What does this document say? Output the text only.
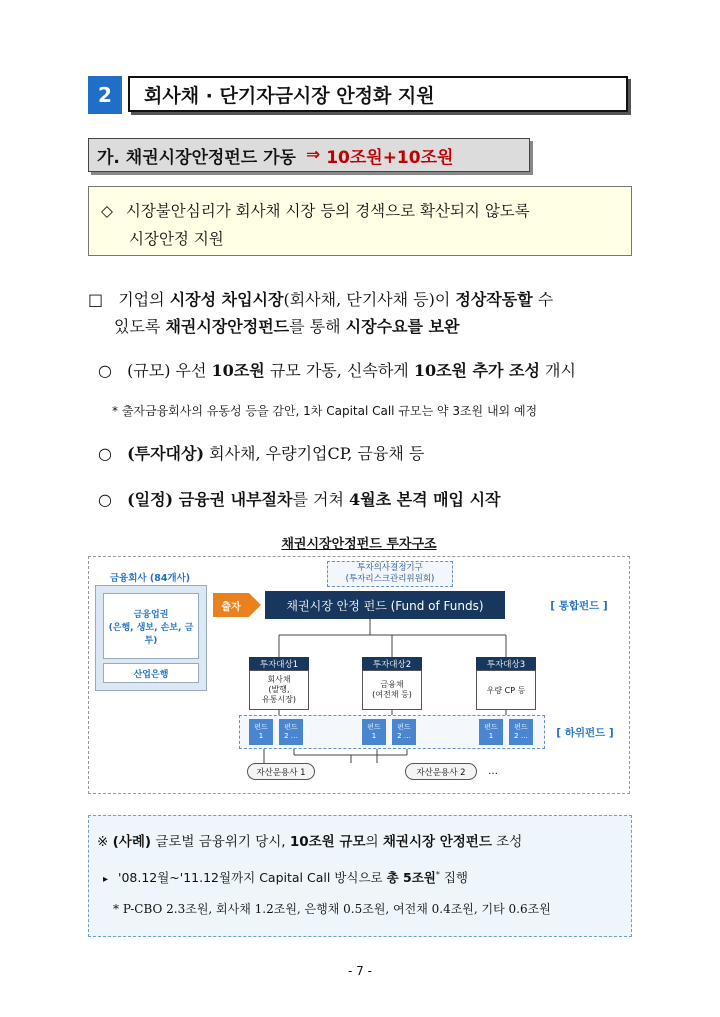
2	회사채 · 단기자금시장 안정화 지원
가. 채권시장안정펀드 가동 ⇒ 10조원+10조원
◇ 시장불안심리가 회사채 시장 등의 경색으로 확산되지 않도록
시장안정 지원
□ 기업의 시장성 차입시장(회사채, 단기사채 등)이 정상작동할 수
있도록 채권시장안정펀드를 통해 시장수요를 보완
○ (규모) 우선 10조원 규모 가동, 신속하게 10조원 추가 조성 개시
* 출자금융회사의 유동성 등을 감안, 1차 Capital Call 규모는 약 3조원 내외 예정
○ (투자대상) 회사채, 우량기업CP, 금융채 등
○ (일정) 금융권 내부절차를 거쳐 4월초 본격 매입 시작
채권시장안정펀드 투자구조
금융회사 (84개사)
금융업권
(은행, 생보, 손보, 금투)
산업은행
출자
투자의사결정기구
(투자리스크관리위원회)
채권시장 안정 펀드 (Fund of Funds)	[ 통합펀드 ]
투자대상1
회사채
(발행,
유통시장)
투자대상2
금융채
(여전채 등)
투자대상3
우량 CP 등
펀드
1
펀드
2 …
펀드
1
펀드
2 …
펀드
1
펀드
2 …	[ 하위펀드 ]
자산운용사 1	자산운용사 2	…
※ (사례) 글로벌 금융위기 당시, 10조원 규모의 채권시장 안정펀드 조성
▸ '08.12월~'11.12월까지 Capital Call 방식으로 총 5조원* 집행
* P-CBO 2.3조원, 회사채 1.2조원, 은행채 0.5조원, 여전채 0.4조원, 기타 0.6조원
- 7 -
